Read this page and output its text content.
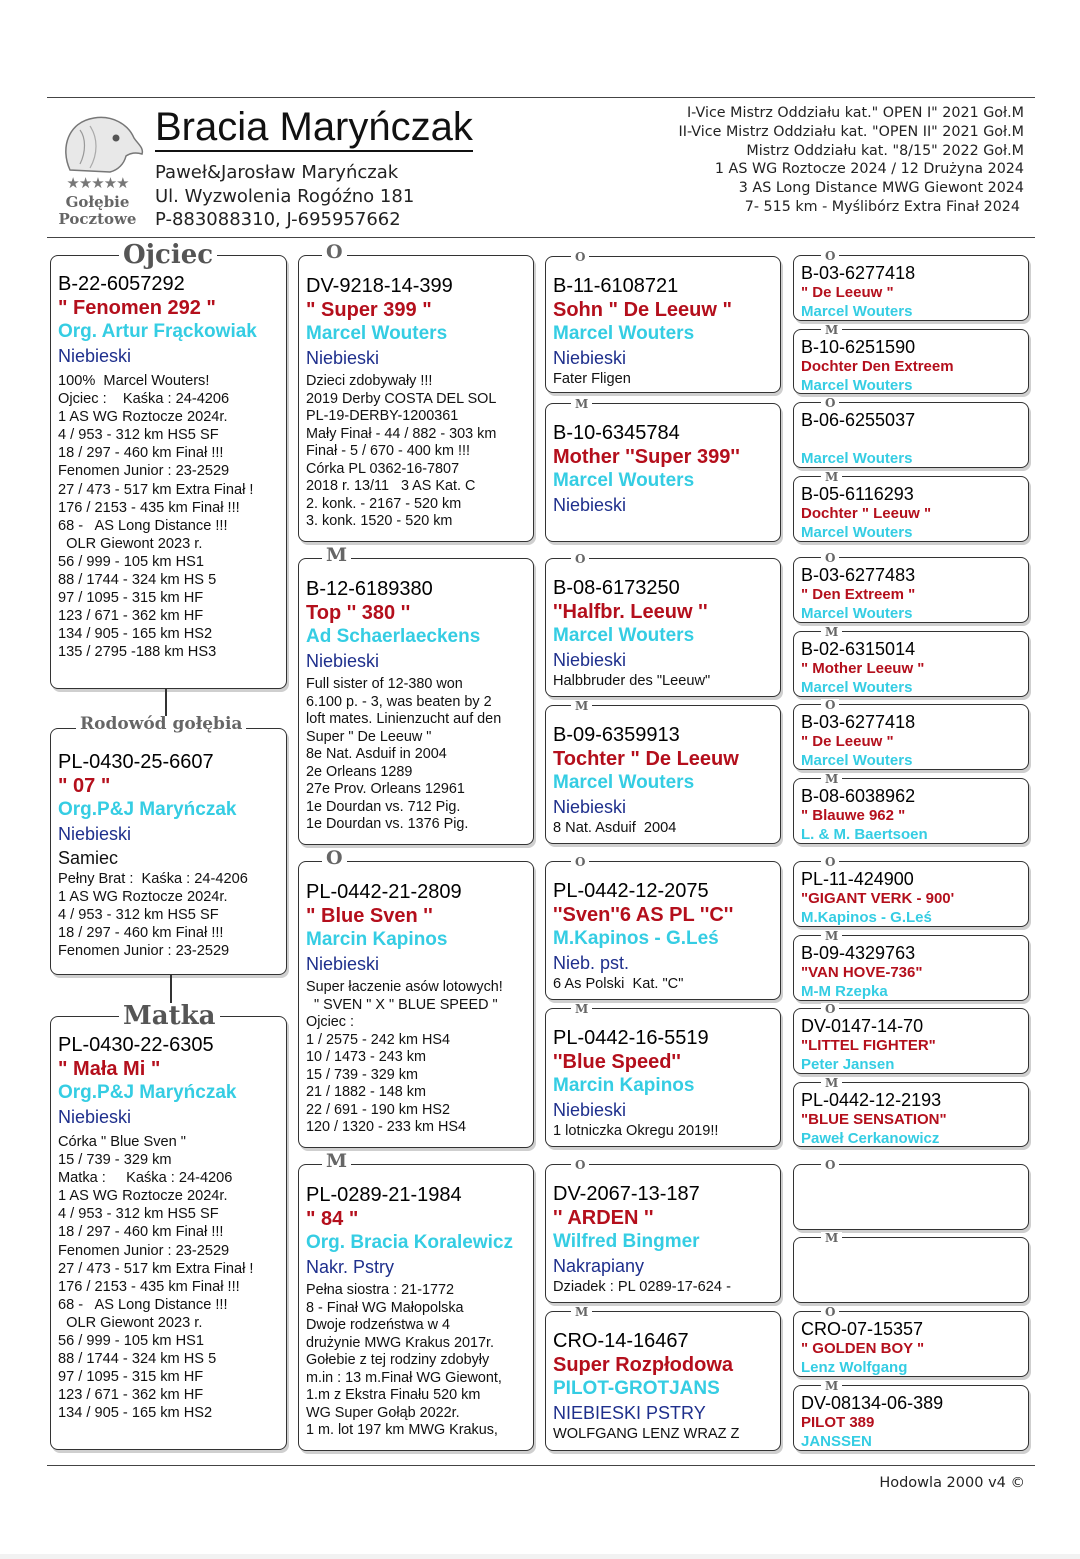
★★★★★
Gołębie
Pocztowe
Bracia Maryńczak
Paweł&Jarosław Maryńczak
Ul. Wyzwolenia Rogóźno 181
P-883088310, J-695957662
I-Vice Mistrz Oddziału kat." OPEN I" 2021 Goł.M
II-Vice Mistrz Oddziału kat. "OPEN II" 2021 Goł.M
Mistrz Oddziału kat. "8/15" 2022 Goł.M
1 AS WG Roztocze 2024 / 12 Drużyna 2024
3 AS Long Distance MWG Giewont 2024
7- 515 km - Myślibórz Extra Finał 2024
Ojciec
B-22-6057292
" Fenomen 292 "
Org. Artur Frąckowiak
Niebieski
100%  Marcel Wouters!
Ojciec :    Kaśka : 24-4206
1 AS WG Roztocze 2024r.
4 / 953 - 312 km HS5 SF
18 / 297 - 460 km Finał !!!
Fenomen Junior : 23-2529
27 / 473 - 517 km Extra Finał !
176 / 2153 - 435 km Finał !!!
68 -   AS Long Distance !!!
OLR Giewont 2023 r.
56 / 999 - 105 km HS1
88 / 1744 - 324 km HS 5
97 / 1095 - 315 km HF
123 / 671 - 362 km HF
134 / 905 - 165 km HS2
135 / 2795 -188 km HS3
Rodowód gołębia
PL-0430-25-6607
" 07 "
Org.P&J Maryńczak
Niebieski
Samiec
Pełny Brat :  Kaśka : 24-4206
1 AS WG Roztocze 2024r.
4 / 953 - 312 km HS5 SF
18 / 297 - 460 km Finał !!!
Fenomen Junior : 23-2529
Matka
PL-0430-22-6305
" Mała Mi "
Org.P&J Maryńczak
Niebieski
Córka " Blue Sven "
15 / 739 - 329 km
Matka :     Kaśka : 24-4206
1 AS WG Roztocze 2024r.
4 / 953 - 312 km HS5 SF
18 / 297 - 460 km Finał !!!
Fenomen Junior : 23-2529
27 / 473 - 517 km Extra Finał !
176 / 2153 - 435 km Finał !!!
68 -   AS Long Distance !!!
OLR Giewont 2023 r.
56 / 999 - 105 km HS1
88 / 1744 - 324 km HS 5
97 / 1095 - 315 km HF
123 / 671 - 362 km HF
134 / 905 - 165 km HS2
O
DV-9218-14-399
" Super 399 "
Marcel Wouters
Niebieski
Dzieci zdobywały !!!
2019 Derby COSTA DEL SOL
PL-19-DERBY-1200361
Mały Finał - 44 / 882 - 303 km
Finał - 5 / 670 - 400 km !!!
Córka PL 0362-16-7807
2018 r. 13/11   3 AS Kat. C
2. konk. - 2167 - 520 km
3. konk. 1520 - 520 km
M
B-12-6189380
Top '' 380 ''
Ad Schaerlaeckens
Niebieski
Full sister of 12-380 won
6.100 p. - 3, was beaten by 2
loft mates. Linienzucht auf den
Super " De Leeuw "
8e Nat. Asduif in 2004
2e Orleans 1289
27e Prov. Orleans 12961
1e Dourdan vs. 712 Pig.
1e Dourdan vs. 1376 Pig.
O
PL-0442-21-2809
" Blue Sven ''
Marcin Kapinos
Niebieski
Super łaczenie asów lotowych!
" SVEN " X " BLUE SPEED "
Ojciec :
1 / 2575 - 242 km HS4
10 / 1473 - 243 km
15 / 739 - 329 km
21 / 1882 - 148 km
22 / 691 - 190 km HS2
120 / 1320 - 233 km HS4
M
PL-0289-21-1984
" 84 "
Org. Bracia Koralewicz
Nakr. Pstry
Pełna siostra : 21-1772
8 - Finał WG Małopolska
Dwoje rodzeństwa w 4
drużynie MWG Krakus 2017r.
Gołebie z tej rodziny zdobyły
m.in : 13 m.Finał WG Giewont,
1.m z Ekstra Finału 520 km
WG Super Gołąb 2022r.
1 m. lot 197 km MWG Krakus,
O
B-11-6108721
Sohn " De Leeuw "
Marcel Wouters
Niebieski
Fater Fligen
M
B-10-6345784
Mother ''Super 399''
Marcel Wouters
Niebieski
O
B-08-6173250
''Halfbr. Leeuw ''
Marcel Wouters
Niebieski
Halbbruder des "Leeuw"
M
B-09-6359913
Tochter " De Leeuw
Marcel Wouters
Niebieski
8 Nat. Asduif  2004
O
PL-0442-12-2075
''Sven''6 AS PL ''C''
M.Kapinos - G.Leś
Nieb. pst.
6 As Polski  Kat. "C"
M
PL-0442-16-5519
''Blue Speed''
Marcin Kapinos
Niebieski
1 lotniczka Okregu 2019!!
O
DV-2067-13-187
'' ARDEN ''
Wilfred Bingmer
Nakrapiany
Dziadek : PL 0289-17-624 -
M
CRO-14-16467
Super Rozpłodowa
PILOT-GROTJANS
NIEBIESKI PSTRY
WOLFGANG LENZ WRAZ Z
O
B-03-6277418
" De Leeuw "
Marcel Wouters
M
B-10-6251590
Dochter Den Extreem
Marcel Wouters
O
B-06-6255037
Marcel Wouters
M
B-05-6116293
Dochter " Leeuw "
Marcel Wouters
O
B-03-6277483
" Den Extreem "
Marcel Wouters
M
B-02-6315014
" Mother Leeuw "
Marcel Wouters
O
B-03-6277418
" De Leeuw "
Marcel Wouters
M
B-08-6038962
" Blauwe 962 "
L. & M. Baertsoen
O
PL-11-424900
"GIGANT VERK - 900'
M.Kapinos - G.Leś
M
B-09-4329763
"VAN HOVE-736"
M-M Rzepka
O
DV-0147-14-70
"LITTEL FIGHTER"
Peter Jansen
M
PL-0442-12-2193
"BLUE SENSATION"
Paweł Cerkanowicz
O
M
O
CRO-07-15357
" GOLDEN BOY "
Lenz Wolfgang
M
DV-08134-06-389
PILOT 389
JANSSEN
Hodowla 2000 v4 ©
